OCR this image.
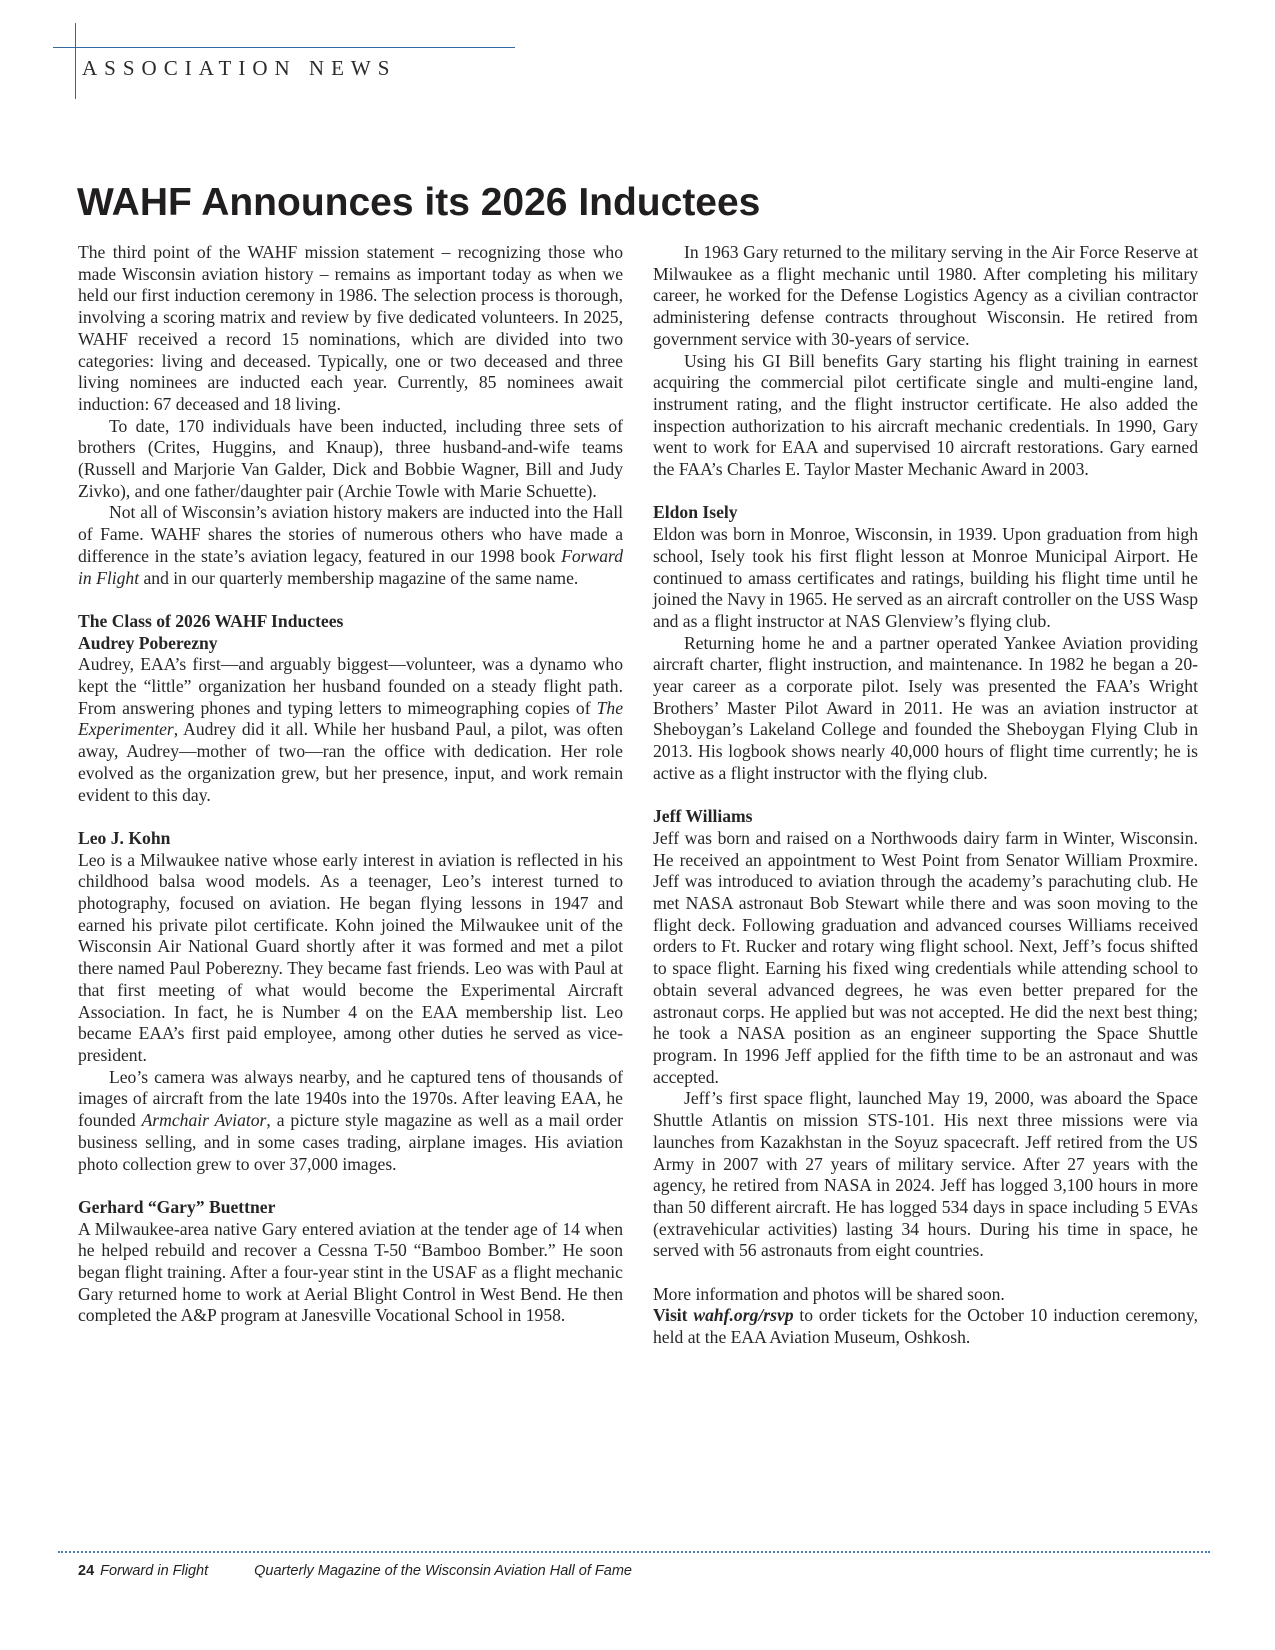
ASSOCIATION NEWS
WAHF Announces its 2026 Inductees

The third point of the WAHF mission statement – recognizing those who made Wisconsin aviation history – remains as important today as when we held our first induction ceremony in 1986. The selection process is thorough, involving a scoring matrix and review by five dedicated volunteers. In 2025, WAHF received a record 15 nominations, which are divided into two categories: living and deceased. Typically, one or two deceased and three living nominees are inducted each year. Currently, 85 nominees await induction: 67 deceased and 18 living.

To date, 170 individuals have been inducted, including three sets of brothers (Crites, Huggins, and Knaup), three husband-and-wife teams (Russell and Marjorie Van Galder, Dick and Bobbie Wagner, Bill and Judy Zivko), and one father/daughter pair (Archie Towle with Marie Schuette).

Not all of Wisconsin’s aviation history makers are inducted into the Hall of Fame. WAHF shares the stories of numerous others who have made a difference in the state’s aviation legacy, featured in our 1998 book Forward in Flight and in our quarterly membership magazine of the same name.

The Class of 2026 WAHF Inductees
Audrey Poberezny

Audrey, EAA’s first—and arguably biggest—volunteer, was a dynamo who kept the “little” organization her husband founded on a steady flight path. From answering phones and typing letters to mimeographing copies of The Experimenter, Audrey did it all. While her husband Paul, a pilot, was often away, Audrey—mother of two—ran the office with dedication. Her role evolved as the organization grew, but her presence, input, and work remain evident to this day.

Leo J. Kohn

Leo is a Milwaukee native whose early interest in aviation is reflected in his childhood balsa wood models. As a teenager, Leo’s interest turned to photography, focused on aviation. He began flying lessons in 1947 and earned his private pilot certificate. Kohn joined the Milwaukee unit of the Wisconsin Air National Guard shortly after it was formed and met a pilot there named Paul Poberezny. They became fast friends. Leo was with Paul at that first meeting of what would become the Experimental Aircraft Association. In fact, he is Number 4 on the EAA membership list. Leo became EAA’s first paid employee, among other duties he served as vice-president.

Leo’s camera was always nearby, and he captured tens of thousands of images of aircraft from the late 1940s into the 1970s. After leaving EAA, he founded Armchair Aviator, a picture style magazine as well as a mail order business selling, and in some cases trading, airplane images. His aviation photo collection grew to over 37,000 images.

Gerhard “Gary” Buettner

A Milwaukee-area native Gary entered aviation at the tender age of 14 when he helped rebuild and recover a Cessna T-50 “Bamboo Bomber.” He soon began flight training. After a four-year stint in the USAF as a flight mechanic Gary returned home to work at Aerial Blight Control in West Bend. He then completed the A&P program at Janesville Vocational School in 1958.

In 1963 Gary returned to the military serving in the Air Force Reserve at Milwaukee as a flight mechanic until 1980. After completing his military career, he worked for the Defense Logistics Agency as a civilian contractor administering defense contracts throughout Wisconsin. He retired from government service with 30-years of service.

Using his GI Bill benefits Gary starting his flight training in earnest acquiring the commercial pilot certificate single and multi-engine land, instrument rating, and the flight instructor certificate. He also added the inspection authorization to his aircraft mechanic credentials. In 1990, Gary went to work for EAA and supervised 10 aircraft restorations. Gary earned the FAA’s Charles E. Taylor Master Mechanic Award in 2003.

Eldon Isely

Eldon was born in Monroe, Wisconsin, in 1939. Upon graduation from high school, Isely took his first flight lesson at Monroe Municipal Airport. He continued to amass certificates and ratings, building his flight time until he joined the Navy in 1965. He served as an aircraft controller on the USS Wasp and as a flight instructor at NAS Glenview’s flying club.

Returning home he and a partner operated Yankee Aviation providing aircraft charter, flight instruction, and maintenance. In 1982 he began a 20-year career as a corporate pilot. Isely was presented the FAA’s Wright Brothers’ Master Pilot Award in 2011. He was an aviation instructor at Sheboygan’s Lakeland College and founded the Sheboygan Flying Club in 2013. His logbook shows nearly 40,000 hours of flight time currently; he is active as a flight instructor with the flying club.

Jeff Williams

Jeff was born and raised on a Northwoods dairy farm in Winter, Wisconsin. He received an appointment to West Point from Senator William Proxmire. Jeff was introduced to aviation through the academy’s parachuting club. He met NASA astronaut Bob Stewart while there and was soon moving to the flight deck. Following graduation and advanced courses Williams received orders to Ft. Rucker and rotary wing flight school. Next, Jeff’s focus shifted to space flight. Earning his fixed wing credentials while attending school to obtain several advanced degrees, he was even better prepared for the astronaut corps. He applied but was not accepted. He did the next best thing; he took a NASA position as an engineer supporting the Space Shuttle program. In 1996 Jeff applied for the fifth time to be an astronaut and was accepted.

Jeff’s first space flight, launched May 19, 2000, was aboard the Space Shuttle Atlantis on mission STS-101. His next three missions were via launches from Kazakhstan in the Soyuz spacecraft. Jeff retired from the US Army in 2007 with 27 years of military service. After 27 years with the agency, he retired from NASA in 2024. Jeff has logged 3,100 hours in more than 50 different aircraft. He has logged 534 days in space including 5 EVAs (extravehicular activities) lasting 34 hours. During his time in space, he served with 56 astronauts from eight countries.

More information and photos will be shared soon.

Visit wahf.org/rsvp to order tickets for the October 10 induction ceremony, held at the EAA Aviation Museum, Oshkosh.

24 Forward in Flight	Quarterly Magazine of the Wisconsin Aviation Hall of Fame
